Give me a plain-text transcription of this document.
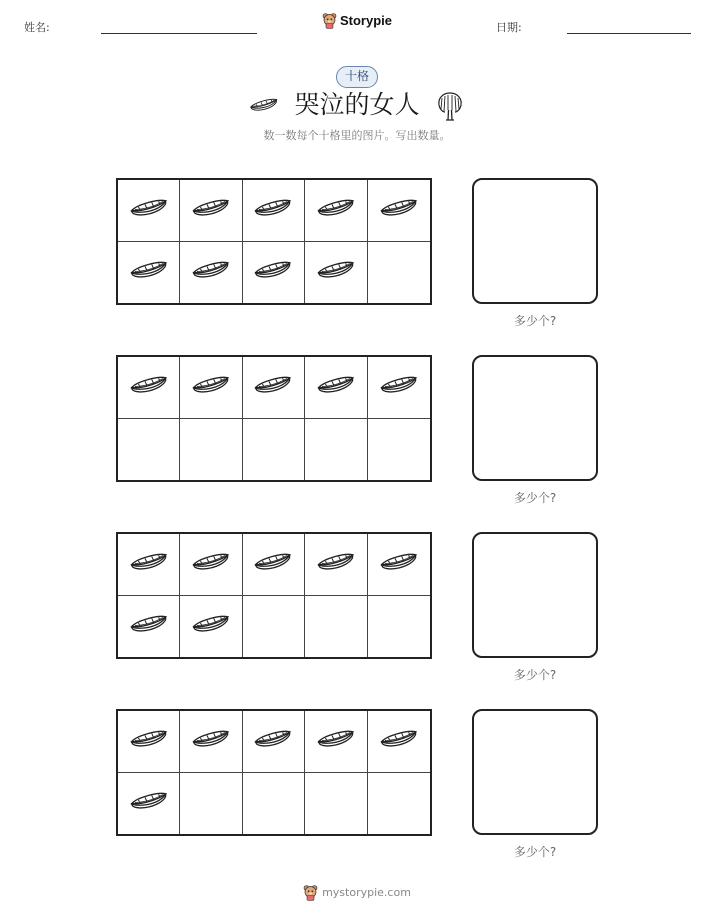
姓名:	Storypie	日期:
十格
哭泣的女人
数一数每个十格里的图片。写出数量。
多少个?
多少个?
多少个?
多少个?
mystorypie.com
